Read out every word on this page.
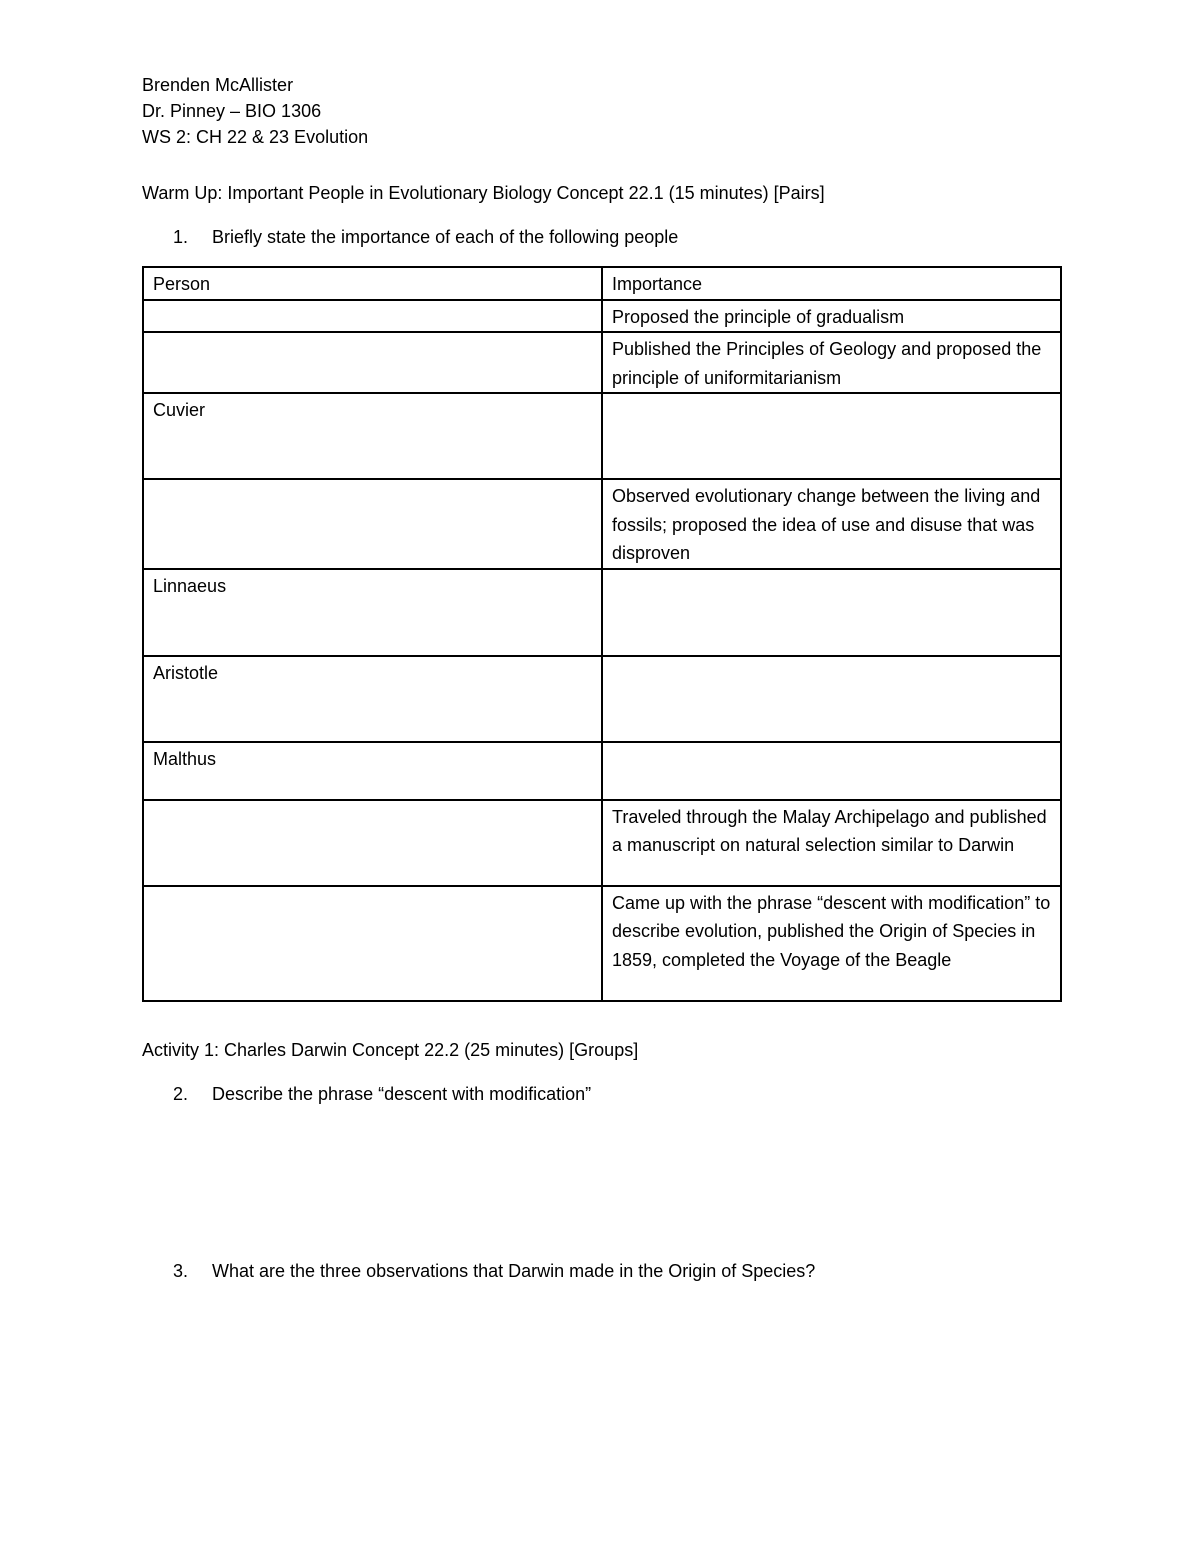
Brenden McAllister
Dr. Pinney – BIO 1306
WS 2: CH 22 & 23 Evolution
Warm Up: Important People in Evolutionary Biology Concept 22.1 (15 minutes) [Pairs]
1. Briefly state the importance of each of the following people
Person	Importance
	Proposed the principle of gradualism
	Published the Principles of Geology and proposed the principle of uniformitarianism
Cuvier	
	Observed evolutionary change between the living and fossils; proposed the idea of use and disuse that was disproven
Linnaeus	
Aristotle	
Malthus	
	Traveled through the Malay Archipelago and published a manuscript on natural selection similar to Darwin
	Came up with the phrase “descent with modification” to describe evolution, published the Origin of Species in 1859, completed the Voyage of the Beagle
Activity 1: Charles Darwin Concept 22.2 (25 minutes) [Groups]
2. Describe the phrase “descent with modification”
3. What are the three observations that Darwin made in the Origin of Species?
